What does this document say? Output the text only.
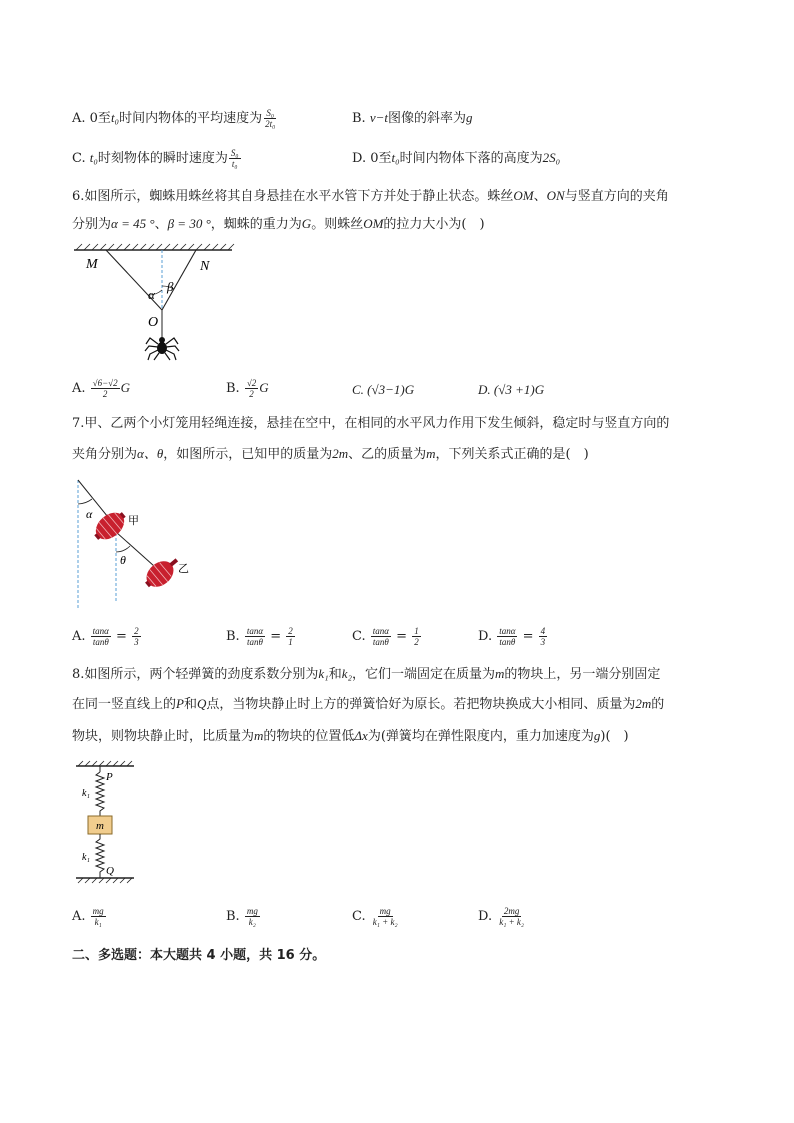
A. 0至t₀时间内物体的平均速度为 $\frac{\text{S₀}}{\text{2t₀}}$	B. v−t图像的斜率为g
C. t₀时刻物体的瞬时速度为 $\frac{\text{S₀}}{\text{t₀}}$	D. 0至t₀时间内物体下落的高度为2S₀
6.如图所示，蜘蛛用蛛丝将其自身悬挂在水平水管下方并处于静止状态。蛛丝OM、ON与竖直方向的夹角
分别为α = 45 °、β = 30 °，蜘蛛的重力为G。则蛛丝OM的拉力大小为(　)
M	N
O
α
β
A. $\frac{√6-√2}{2}$ G	B. $\frac{√2}{2}$ G	C. (√3−1)G	D. (√3 +1)G
7.甲、乙两个小灯笼用轻绳连接，悬挂在空中，在相同的水平风力作用下发生倾斜，稳定时与竖直方向的
夹角分别为α、θ，如图所示，已知甲的质量为2m、乙的质量为m，下列关系式正确的是(　)
α
θ
甲
乙
A. $\frac{\tan\alpha}{\tan\theta} = \frac{2}{3}$	B. $\frac{\tan\alpha}{\tan\theta} = \frac{2}{1}$	C. $\frac{\tan\alpha}{\tan\theta} = \frac{1}{2}$	D. $\frac{\tan\alpha}{\tan\theta} = \frac{4}{3}$
8.如图所示，两个轻弹簧的劲度系数分别为k₁和k₂，它们一端固定在质量为m的物块上，另一端分别固定
在同一竖直线上的P和Q点，当物块静止时上方的弹簧恰好为原长。若把物块换成大小相同、质量为2m的
物块，则物块静止时，比质量为m的物块的位置低Δx为(弹簧均在弹性限度内，重力加速度为g)(　)
m
P
Q
k₁
k₁
A. $\frac{mg}{\text{k₁}}$	B. $\frac{mg}{\text{k₂}}$	C. $\frac{mg}{\text{k₁ + k₂}}$	D. $\frac{2mg}{\text{k₁ + k₂}}$
二、多选题：本大题共 4 小题，共 16 分。
